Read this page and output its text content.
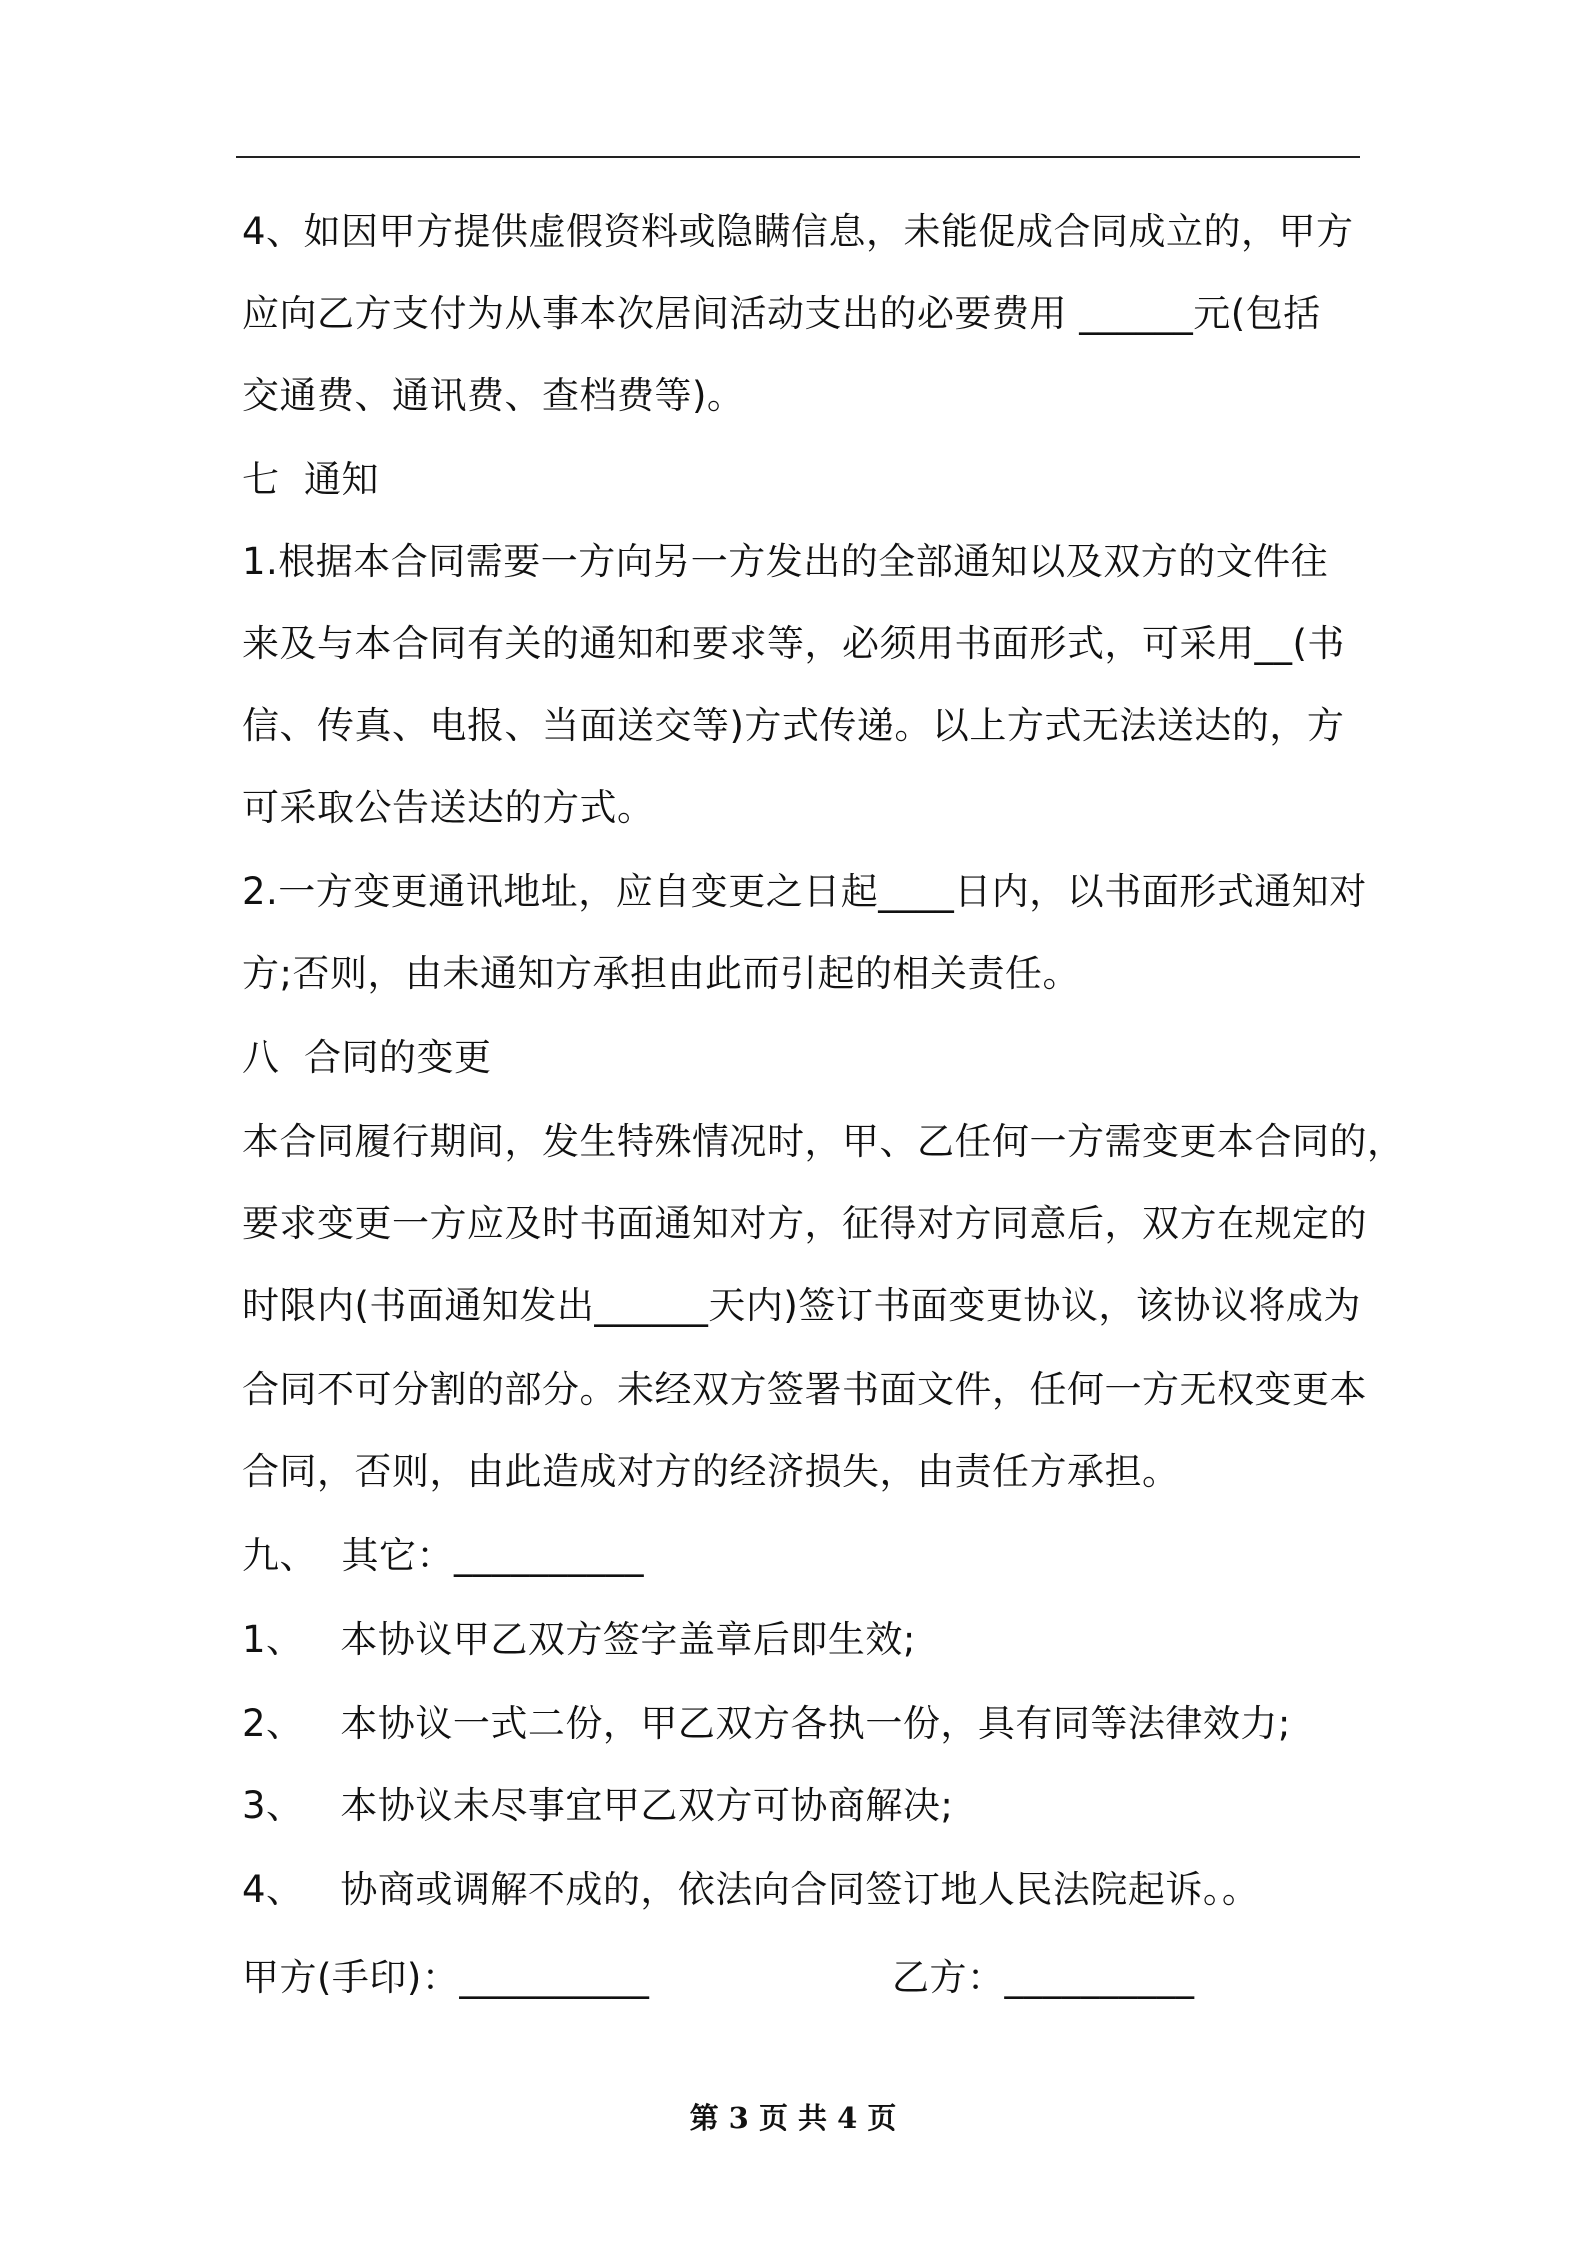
4、如因甲方提供虚假资料或隐瞒信息，未能促成合同成立的，甲方
应向乙方支付为从事本次居间活动支出的必要费用 ______元(包括
交通费、通讯费、查档费等)。
七  通知
1.根据本合同需要一方向另一方发出的全部通知以及双方的文件往
来及与本合同有关的通知和要求等，必须用书面形式，可采用__(书
信、传真、电报、当面送交等)方式传递。以上方式无法送达的，方
可采取公告送达的方式。
2.一方变更通讯地址，应自变更之日起____日内，以书面形式通知对
方;否则，由未通知方承担由此而引起的相关责任。
八  合同的变更
本合同履行期间，发生特殊情况时，甲、乙任何一方需变更本合同的，
要求变更一方应及时书面通知对方，征得对方同意后，双方在规定的
时限内(书面通知发出______天内)签订书面变更协议，该协议将成为
合同不可分割的部分。未经双方签署书面文件，任何一方无权变更本
合同，否则，由此造成对方的经济损失，由责任方承担。
九、  其它：__________
1、   本协议甲乙双方签字盖章后即生效;
2、   本协议一式二份，甲乙双方各执一份，具有同等法律效力;
3、   本协议未尽事宜甲乙双方可协商解决;
4、   协商或调解不成的，依法向合同签订地人民法院起诉。。
甲方(手印)：__________	乙方：__________
第 3 页 共 4 页
